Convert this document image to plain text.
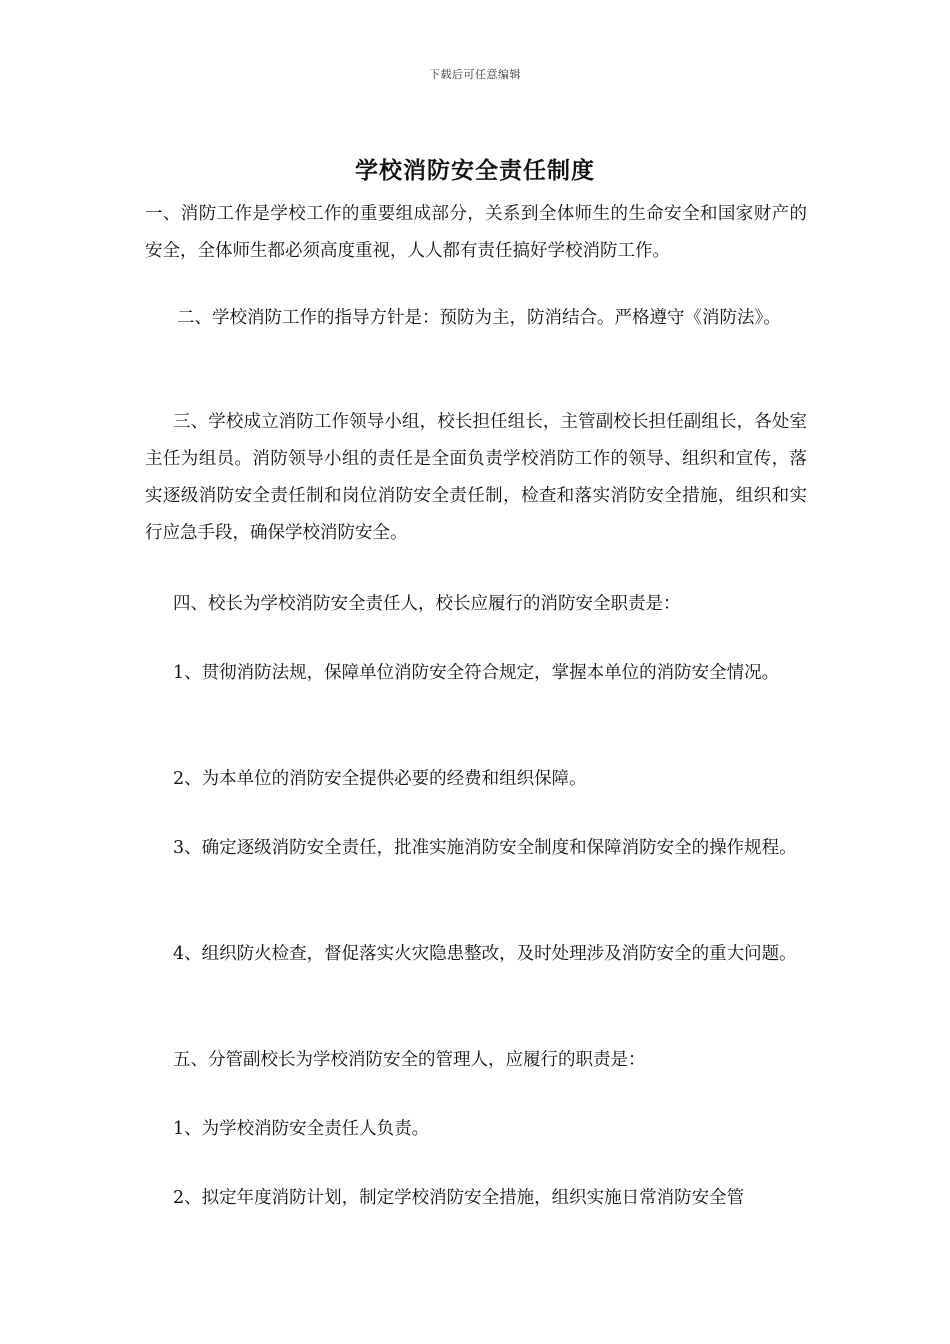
下载后可任意编辑
学校消防安全责任制度

一、消防工作是学校工作的重要组成部分，关系到全体师生的生命安全和国家财产的安全，全体师生都必须高度重视，人人都有责任搞好学校消防工作。

二、学校消防工作的指导方针是：预防为主，防消结合。严格遵守《消防法》。

三、学校成立消防工作领导小组，校长担任组长，主管副校长担任副组长，各处室主任为组员。消防领导小组的责任是全面负责学校消防工作的领导、组织和宣传，落实逐级消防安全责任制和岗位消防安全责任制，检查和落实消防安全措施，组织和实行应急手段，确保学校消防安全。

四、校长为学校消防安全责任人，校长应履行的消防安全职责是：

1、贯彻消防法规，保障单位消防安全符合规定，掌握本单位的消防安全情况。

2、为本单位的消防安全提供必要的经费和组织保障。

3、确定逐级消防安全责任，批准实施消防安全制度和保障消防安全的操作规程。

4、组织防火检查，督促落实火灾隐患整改，及时处理涉及消防安全的重大问题。

五、分管副校长为学校消防安全的管理人，应履行的职责是：

1、为学校消防安全责任人负责。

2、拟定年度消防计划，制定学校消防安全措施，组织实施日常消防安全管
